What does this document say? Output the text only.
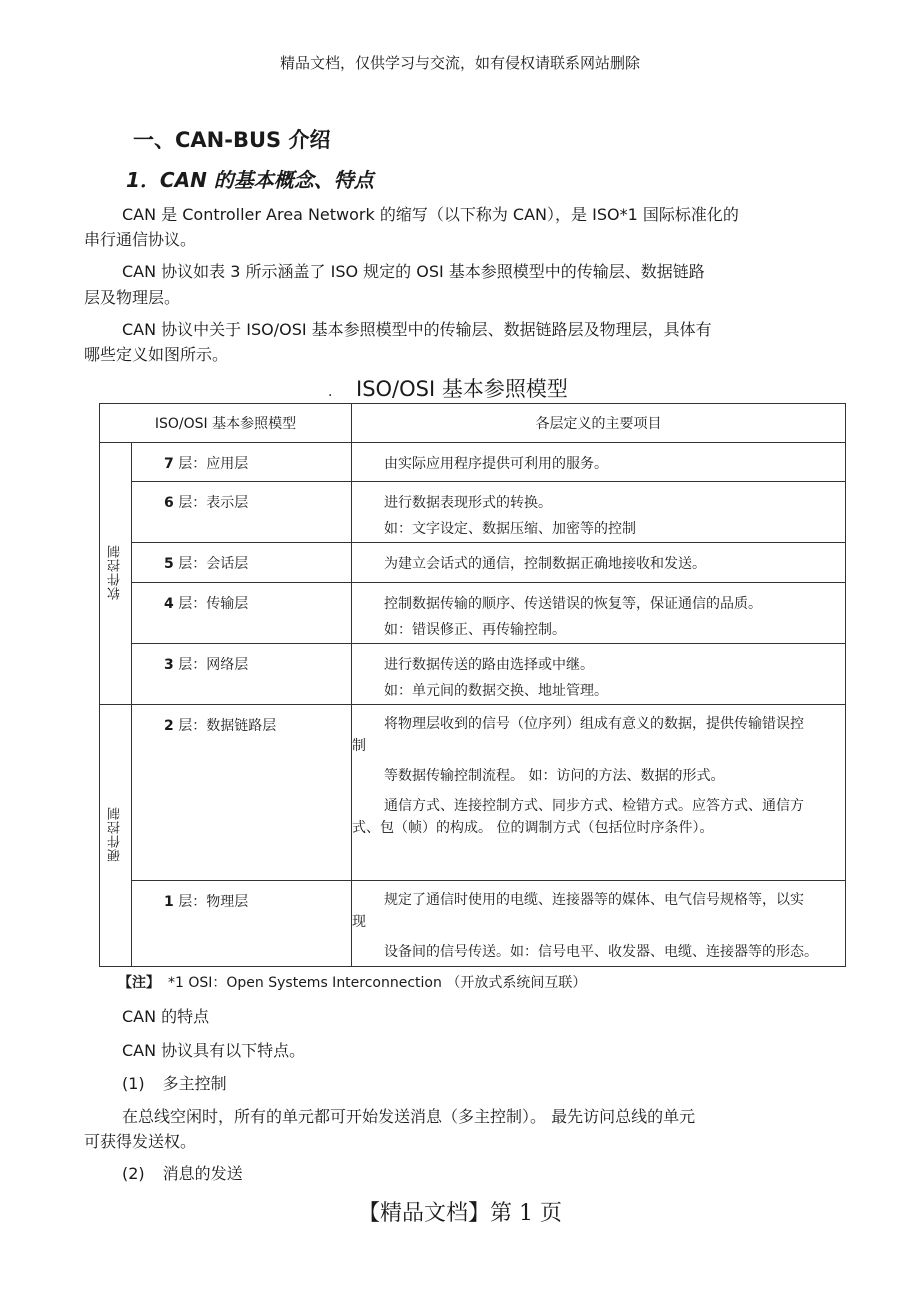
精品文档，仅供学习与交流，如有侵权请联系网站删除
一、CAN-BUS 介绍
1．CAN 的基本概念、特点
CAN 是 Controller Area Network 的缩写（以下称为 CAN），是 ISO*1 国际标准化的
串行通信协议。
CAN 协议如表 3 所示涵盖了 ISO 规定的 OSI 基本参照模型中的传输层、数据链路
层及物理层。
CAN 协议中关于 ISO/OSI 基本参照模型中的传输层、数据链路层及物理层，具体有
哪些定义如图所示。
. ISO/OSI 基本参照模型
ISO/OSI 基本参照模型		各层定义的主要项目
软件控制	7 层：应用层	由实际应用程序提供可利用的服务。

	6 层：表示层	进行数据表现形式的转换。
如：文字设定、数据压缩、加密等的控制

	5 层：会话层	为建立会话式的通信，控制数据正确地接收和发送。

	4 层：传输层	控制数据传输的顺序、传送错误的恢复等，保证通信的品质。
如：错误修正、再传输控制。

	3 层：网络层	进行数据传送的路由选择或中继。
如：单元间的数据交换、地址管理。

硬件控制	2 层：数据链路层	将物理层收到的信号（位序列）组成有意义的数据，提供传输错误控
制
等数据传输控制流程。 如：访问的方法、数据的形式。
通信方式、连接控制方式、同步方式、检错方式。应答方式、通信方
式、包（帧）的构成。 位的调制方式（包括位时序条件）。

	1 层：物理层	规定了通信时使用的电缆、连接器等的媒体、电气信号规格等，以实
现
设备间的信号传送。如：信号电平、收发器、电缆、连接器等的形态。
【注】 *1 OSI：Open Systems Interconnection （开放式系统间互联）
CAN 的特点
CAN 协议具有以下特点。
(1) 多主控制
在总线空闲时，所有的单元都可开始发送消息（多主控制）。 最先访问总线的单元
可获得发送权。
(2) 消息的发送
【精品文档】第 1 页
